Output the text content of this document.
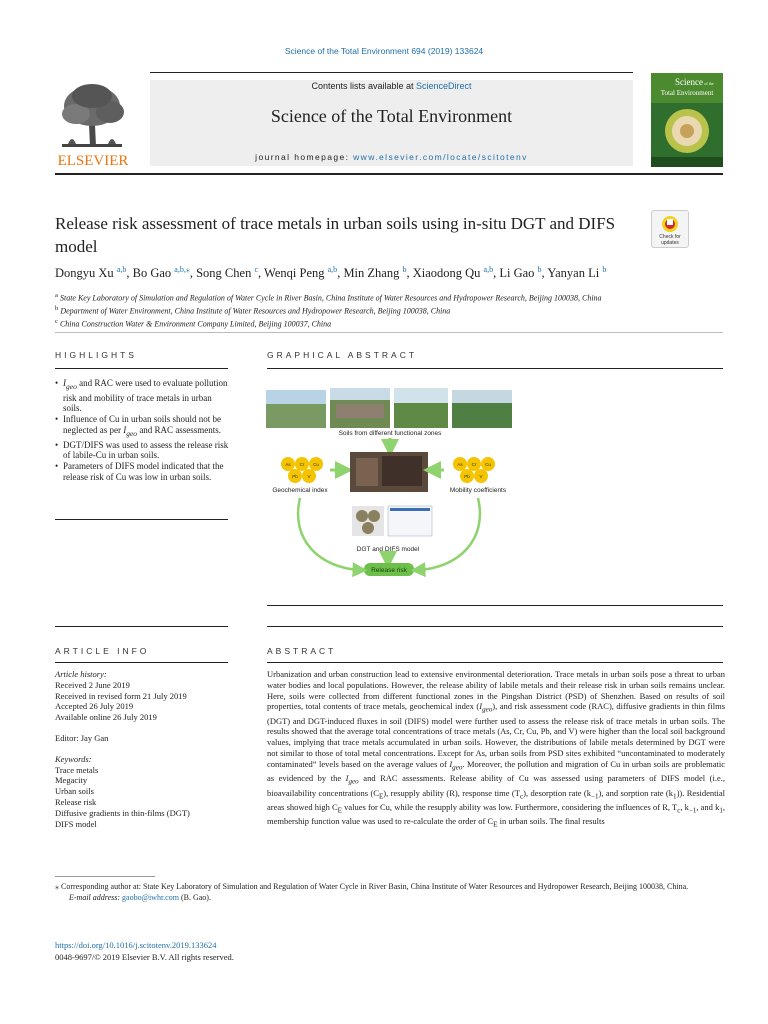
Science of the Total Environment 694 (2019) 133624
ELSEVIER
Contents lists available at ScienceDirect
Science of the Total Environment
journal homepage: www.elsevier.com/locate/scitotenv
Science of the
Total Environment
Release risk assessment of trace metals in urban soils using in-situ DGT and DIFS model	Check for
updates
Dongyu Xu $^{a,b}$, Bo Gao $^{a,b,⁎}$, Song Chen $^c$, Wenqi Peng $^{a,b}$, Min Zhang $^b$, Xiaodong Qu $^{a,b}$, Li Gao $^b$, Yanyan Li $^b$
$^a$ State Key Laboratory of Simulation and Regulation of Water Cycle in River Basin, China Institute of Water Resources and Hydropower Research, Beijing 100038, China
$^b$ Department of Water Environment, China Institute of Water Resources and Hydropower Research, Beijing 100038, China
$^c$ China Construction Water & Environment Company Limited, Beijing 100037, China
HIGHLIGHTS	GRAPHICAL ABSTRACT
• $I_{geo}$ and RAC were used to evaluate pollution risk and mobility of trace metals in urban soils.
• Influence of Cu in urban soils should not be neglected as per $I_{geo}$ and RAC assessments.
• DGT/DIFS was used to assess the release risk of labile-Cu in urban soils.
• Parameters of DIFS model indicated that the release risk of Cu was low in urban soils.
Soils from different functional zones
As Cr Cu
Pb V
Geochemical index
As Cr Cu
Pb V
Mobility coefficients
DGT and DIFS model
Release risk
ARTICLE INFO	ABSTRACT
Article history:
Received 2 June 2019
Received in revised form 21 July 2019
Accepted 26 July 2019
Available online 26 July 2019
Editor: Jay Gan
Keywords:
Trace metals
Megacity
Urban soils
Release risk
Diffusive gradients in thin-films (DGT)
DIFS model
Urbanization and urban construction lead to extensive environmental deterioration. Trace metals in urban soils pose a threat to urban water bodies and local populations. However, the release ability of labile metals and their release risk in urban soils remains unclear. Here, soils were collected from different functional zones in the Pingshan District (PSD) of Shenzhen. Based on results of soil properties, total contents of trace metals, geochemical index $(I_{geo})$, and risk assessment code (RAC), diffusive gradients in thin films (DGT) and DGT-induced fluxes in soil (DIFS) model were further used to assess the release risk of trace metals in urban soils. The results showed that the average total concentrations of trace metals (As, Cr, Cu, Pb, and V) were higher than the local soil background values, implying that trace metals accumulated in urban soils. However, the distributions of labile metals determined by DGT were not similar to those of total metal concentrations. Except for As, urban soils from PSD sites exhibited “uncontaminated to moderately contaminated” levels based on the average values of $I_{geo}$. Moreover, the pollution and migration of Cu in urban soils are problematic as evidenced by the $I_{geo}$ and RAC assessments. Release ability of Cu was assessed using parameters of DIFS model (i.e., bioavailability concentrations $(C_E)$, resupply ability (R), response time $(T_c)$, desorption rate $(k_{-1})$, and sorption rate $(k_1)$). Residential areas showed high $C_E$ values for Cu, while the resupply ability was low. Furthermore, considering the influences of R, $T_c$, $k_{-1}$, and $k_1$, membership function value was used to re-calculate the order of $C_E$ in urban soils. The final results
⁎ Corresponding author at: State Key Laboratory of Simulation and Regulation of Water Cycle in River Basin, China Institute of Water Resources and Hydropower Research, Beijing 100038, China.
E-mail address: gaobo@iwhr.com (B. Gao).
https://doi.org/10.1016/j.scitotenv.2019.133624
0048-9697/© 2019 Elsevier B.V. All rights reserved.
